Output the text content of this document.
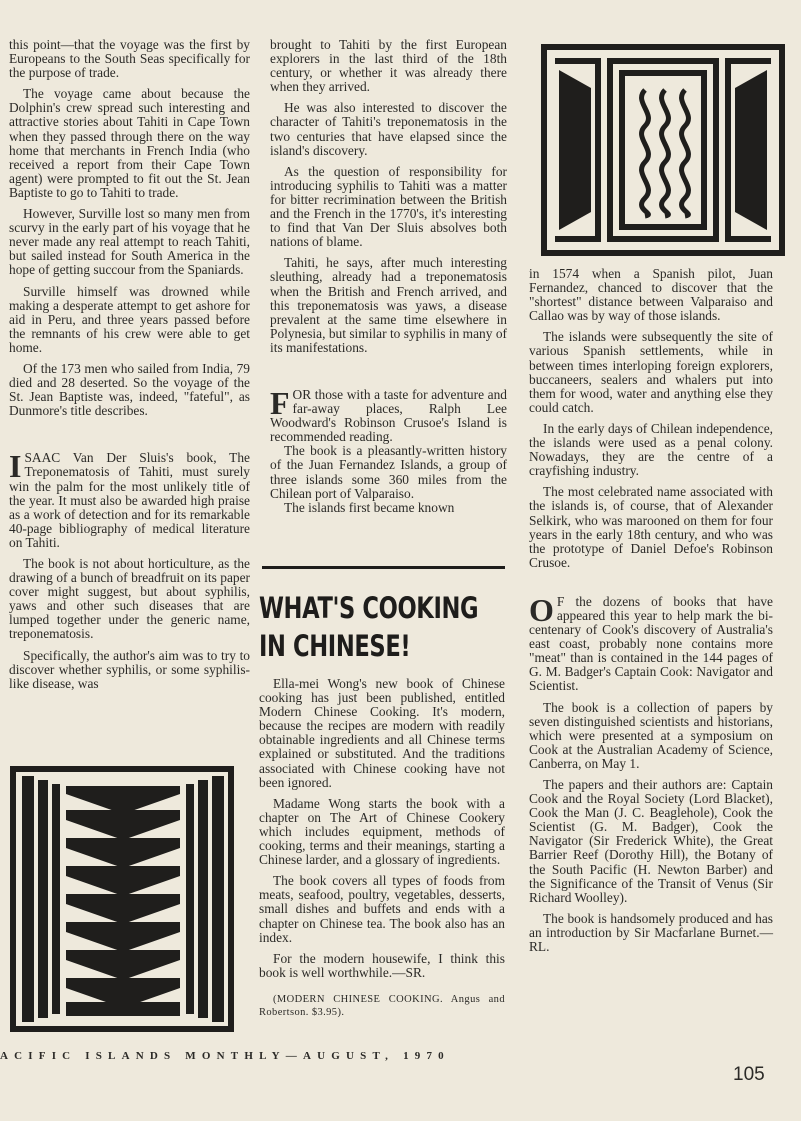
this point—that the voyage was the first by Europeans to the South Seas specifically for the purpose of trade.

The voyage came about because the Dolphin's crew spread such interesting and attractive stories about Tahiti in Cape Town when they passed through there on the way home that merchants in French India (who received a report from their Cape Town agent) were prompted to fit out the St. Jean Baptiste to go to Tahiti to trade.

However, Surville lost so many men from scurvy in the early part of his voyage that he never made any real attempt to reach Tahiti, but sailed instead for South America in the hope of getting succour from the Spaniards.

Surville himself was drowned while making a desperate attempt to get ashore for aid in Peru, and three years passed before the remnants of his crew were able to get home.

Of the 173 men who sailed from India, 79 died and 28 deserted. So the voyage of the St. Jean Baptiste was, indeed, "fateful", as Dunmore's title describes.

ISAAC Van Der Sluis's book, The Treponematosis of Tahiti, must surely win the palm for the most unlikely title of the year. It must also be awarded high praise as a work of detection and for its remarkable 40-page bibliography of medical literature on Tahiti.

The book is not about horticulture, as the drawing of a bunch of breadfruit on its paper cover might suggest, but about syphilis, yaws and other such diseases that are lumped together under the generic name, treponematosis.

Specifically, the author's aim was to try to discover whether syphilis, or some syphilis-like disease, was

brought to Tahiti by the first European explorers in the last third of the 18th century, or whether it was already there when they arrived.

He was also interested to discover the character of Tahiti's treponematosis in the two centuries that have elapsed since the island's discovery.

As the question of responsibility for introducing syphilis to Tahiti was a matter for bitter recrimination between the British and the French in the 1770's, it's interesting to find that Van Der Sluis absolves both nations of blame.

Tahiti, he says, after much interesting sleuthing, already had a treponematosis when the British and French arrived, and this treponematosis was yaws, a disease prevalent at the same time elsewhere in Polynesia, but similar to syphilis in many of its manifestations.

FOR those with a taste for adventure and far-away places, Ralph Lee Woodward's Robinson Crusoe's Island is recommended reading.

The book is a pleasantly-written history of the Juan Fernandez Islands, a group of three islands some 360 miles from the Chilean port of Valparaiso.

The islands first became known

WHAT'S COOKING
IN CHINESE!

Ella-mei Wong's new book of Chinese cooking has just been published, entitled Modern Chinese Cooking. It's modern, because the recipes are modern with readily obtainable ingredients and all Chinese terms explained or substituted. And the traditions associated with Chinese cooking have not been ignored.

Madame Wong starts the book with a chapter on The Art of Chinese Cookery which includes equipment, methods of cooking, terms and their meanings, starting a Chinese larder, and a glossary of ingredients.

The book covers all types of foods from meats, seafood, poultry, vegetables, desserts, small dishes and buffets and ends with a chapter on Chinese tea. The book also has an index.

For the modern housewife, I think this book is well worthwhile.—SR.

(MODERN CHINESE COOKING. Angus and Robertson. $3.95).

in 1574 when a Spanish pilot, Juan Fernandez, chanced to discover that the "shortest" distance between Valparaiso and Callao was by way of those islands.

The islands were subsequently the site of various Spanish settlements, while in between times interloping foreign explorers, buccaneers, sealers and whalers put into them for wood, water and anything else they could catch.

In the early days of Chilean independence, the islands were used as a penal colony. Nowadays, they are the centre of a crayfishing industry.

The most celebrated name associated with the islands is, of course, that of Alexander Selkirk, who was marooned on them for four years in the early 18th century, and who was the prototype of Daniel Defoe's Robinson Crusoe.

O F the dozens of books that have appeared this year to help mark the bi-centenary of Cook's discovery of Australia's east coast, probably none contains more "meat" than is contained in the 144 pages of G. M. Badger's Captain Cook: Navigator and Scientist.

The book is a collection of papers by seven distinguished scientists and historians, which were presented at a symposium on Cook at the Australian Academy of Science, Canberra, on May 1.

The papers and their authors are: Captain Cook and the Royal Society (Lord Blacket), Cook the Man (J. C. Beaglehole), Cook the Scientist (G. M. Badger), Cook the Navigator (Sir Frederick White), the Great Barrier Reef (Dorothy Hill), the Botany of the South Pacific (H. Newton Barber) and the Significance of the Transit of Venus (Sir Richard Woolley).

The book is handsomely produced and has an introduction by Sir Macfarlane Burnet.—RL.

ACIFIC ISLANDS MONTHLY—AUGUST, 1970
105
